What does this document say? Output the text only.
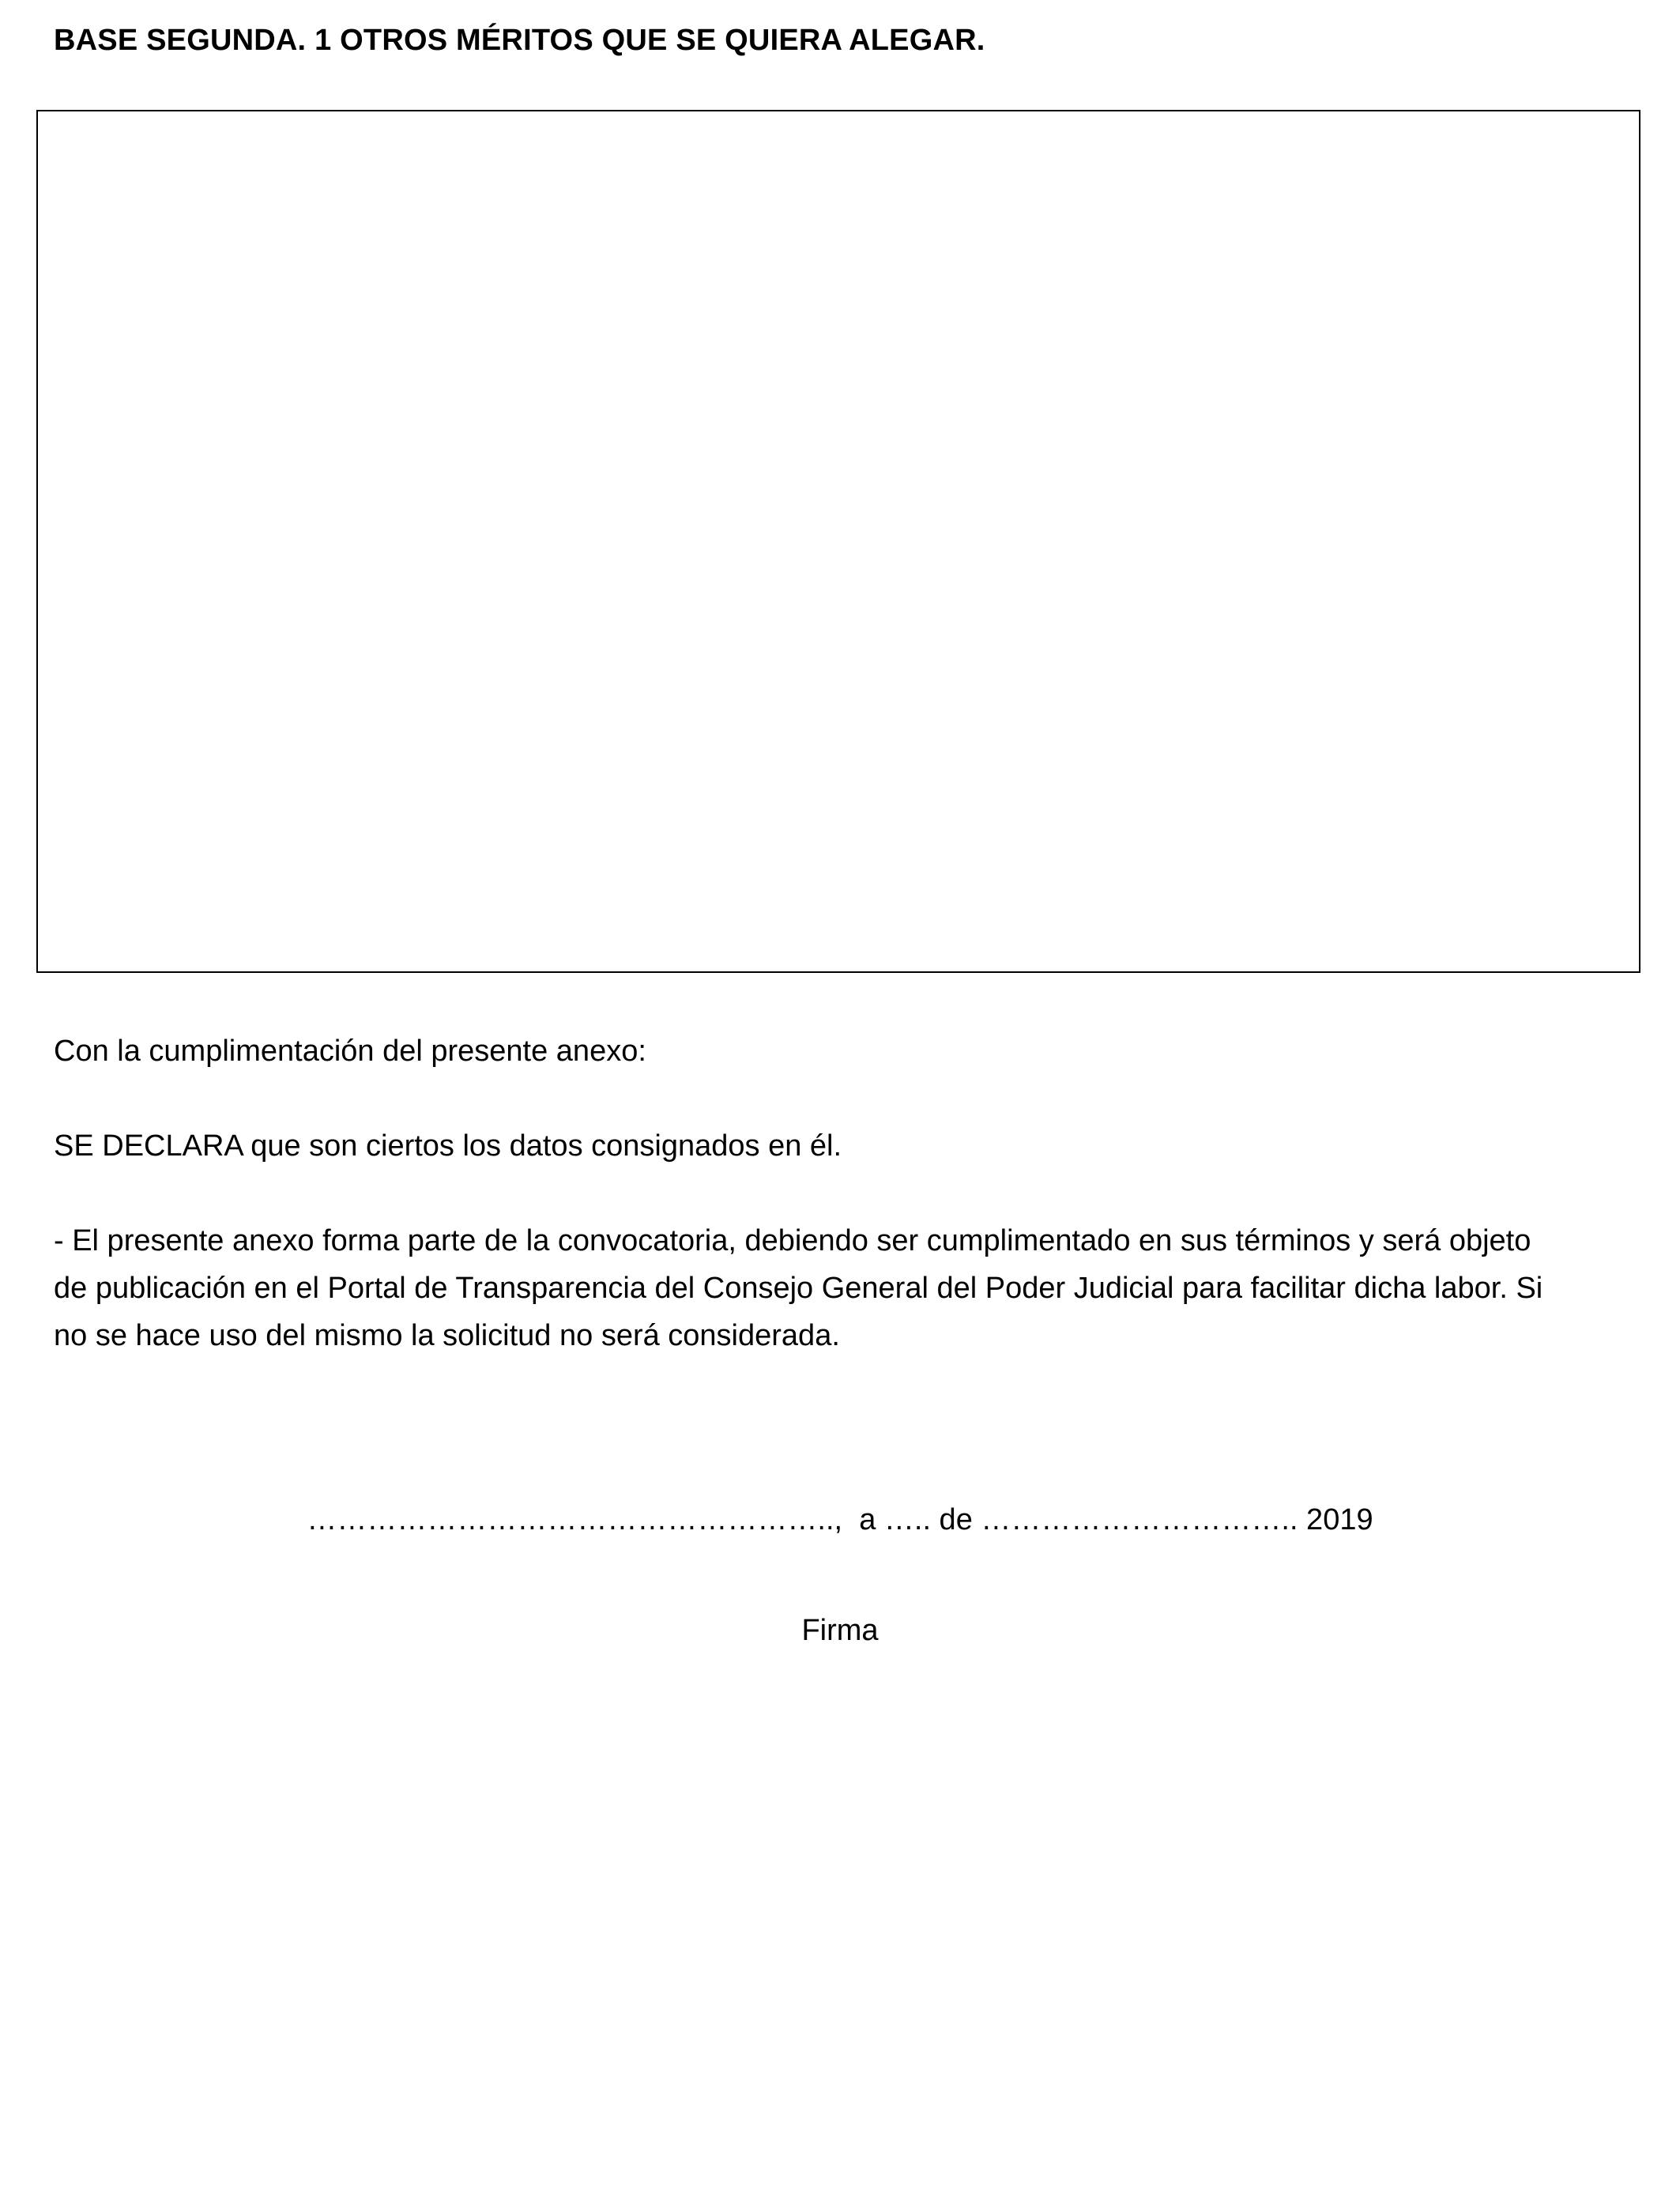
BASE SEGUNDA. 1 OTROS MÉRITOS QUE SE QUIERA ALEGAR.
Con la cumplimentación del presente anexo:
SE DECLARA que son ciertos los datos consignados en él.
- El presente anexo forma parte de la convocatoria, debiendo ser cumplimentado en sus términos y será objeto
de publicación en el Portal de Transparencia del Consejo General del Poder Judicial para facilitar dicha labor. Si
no se hace uso del mismo la solicitud no será considerada.
……………………………………………..,  a ….. de ………………………….. 2019
Firma
